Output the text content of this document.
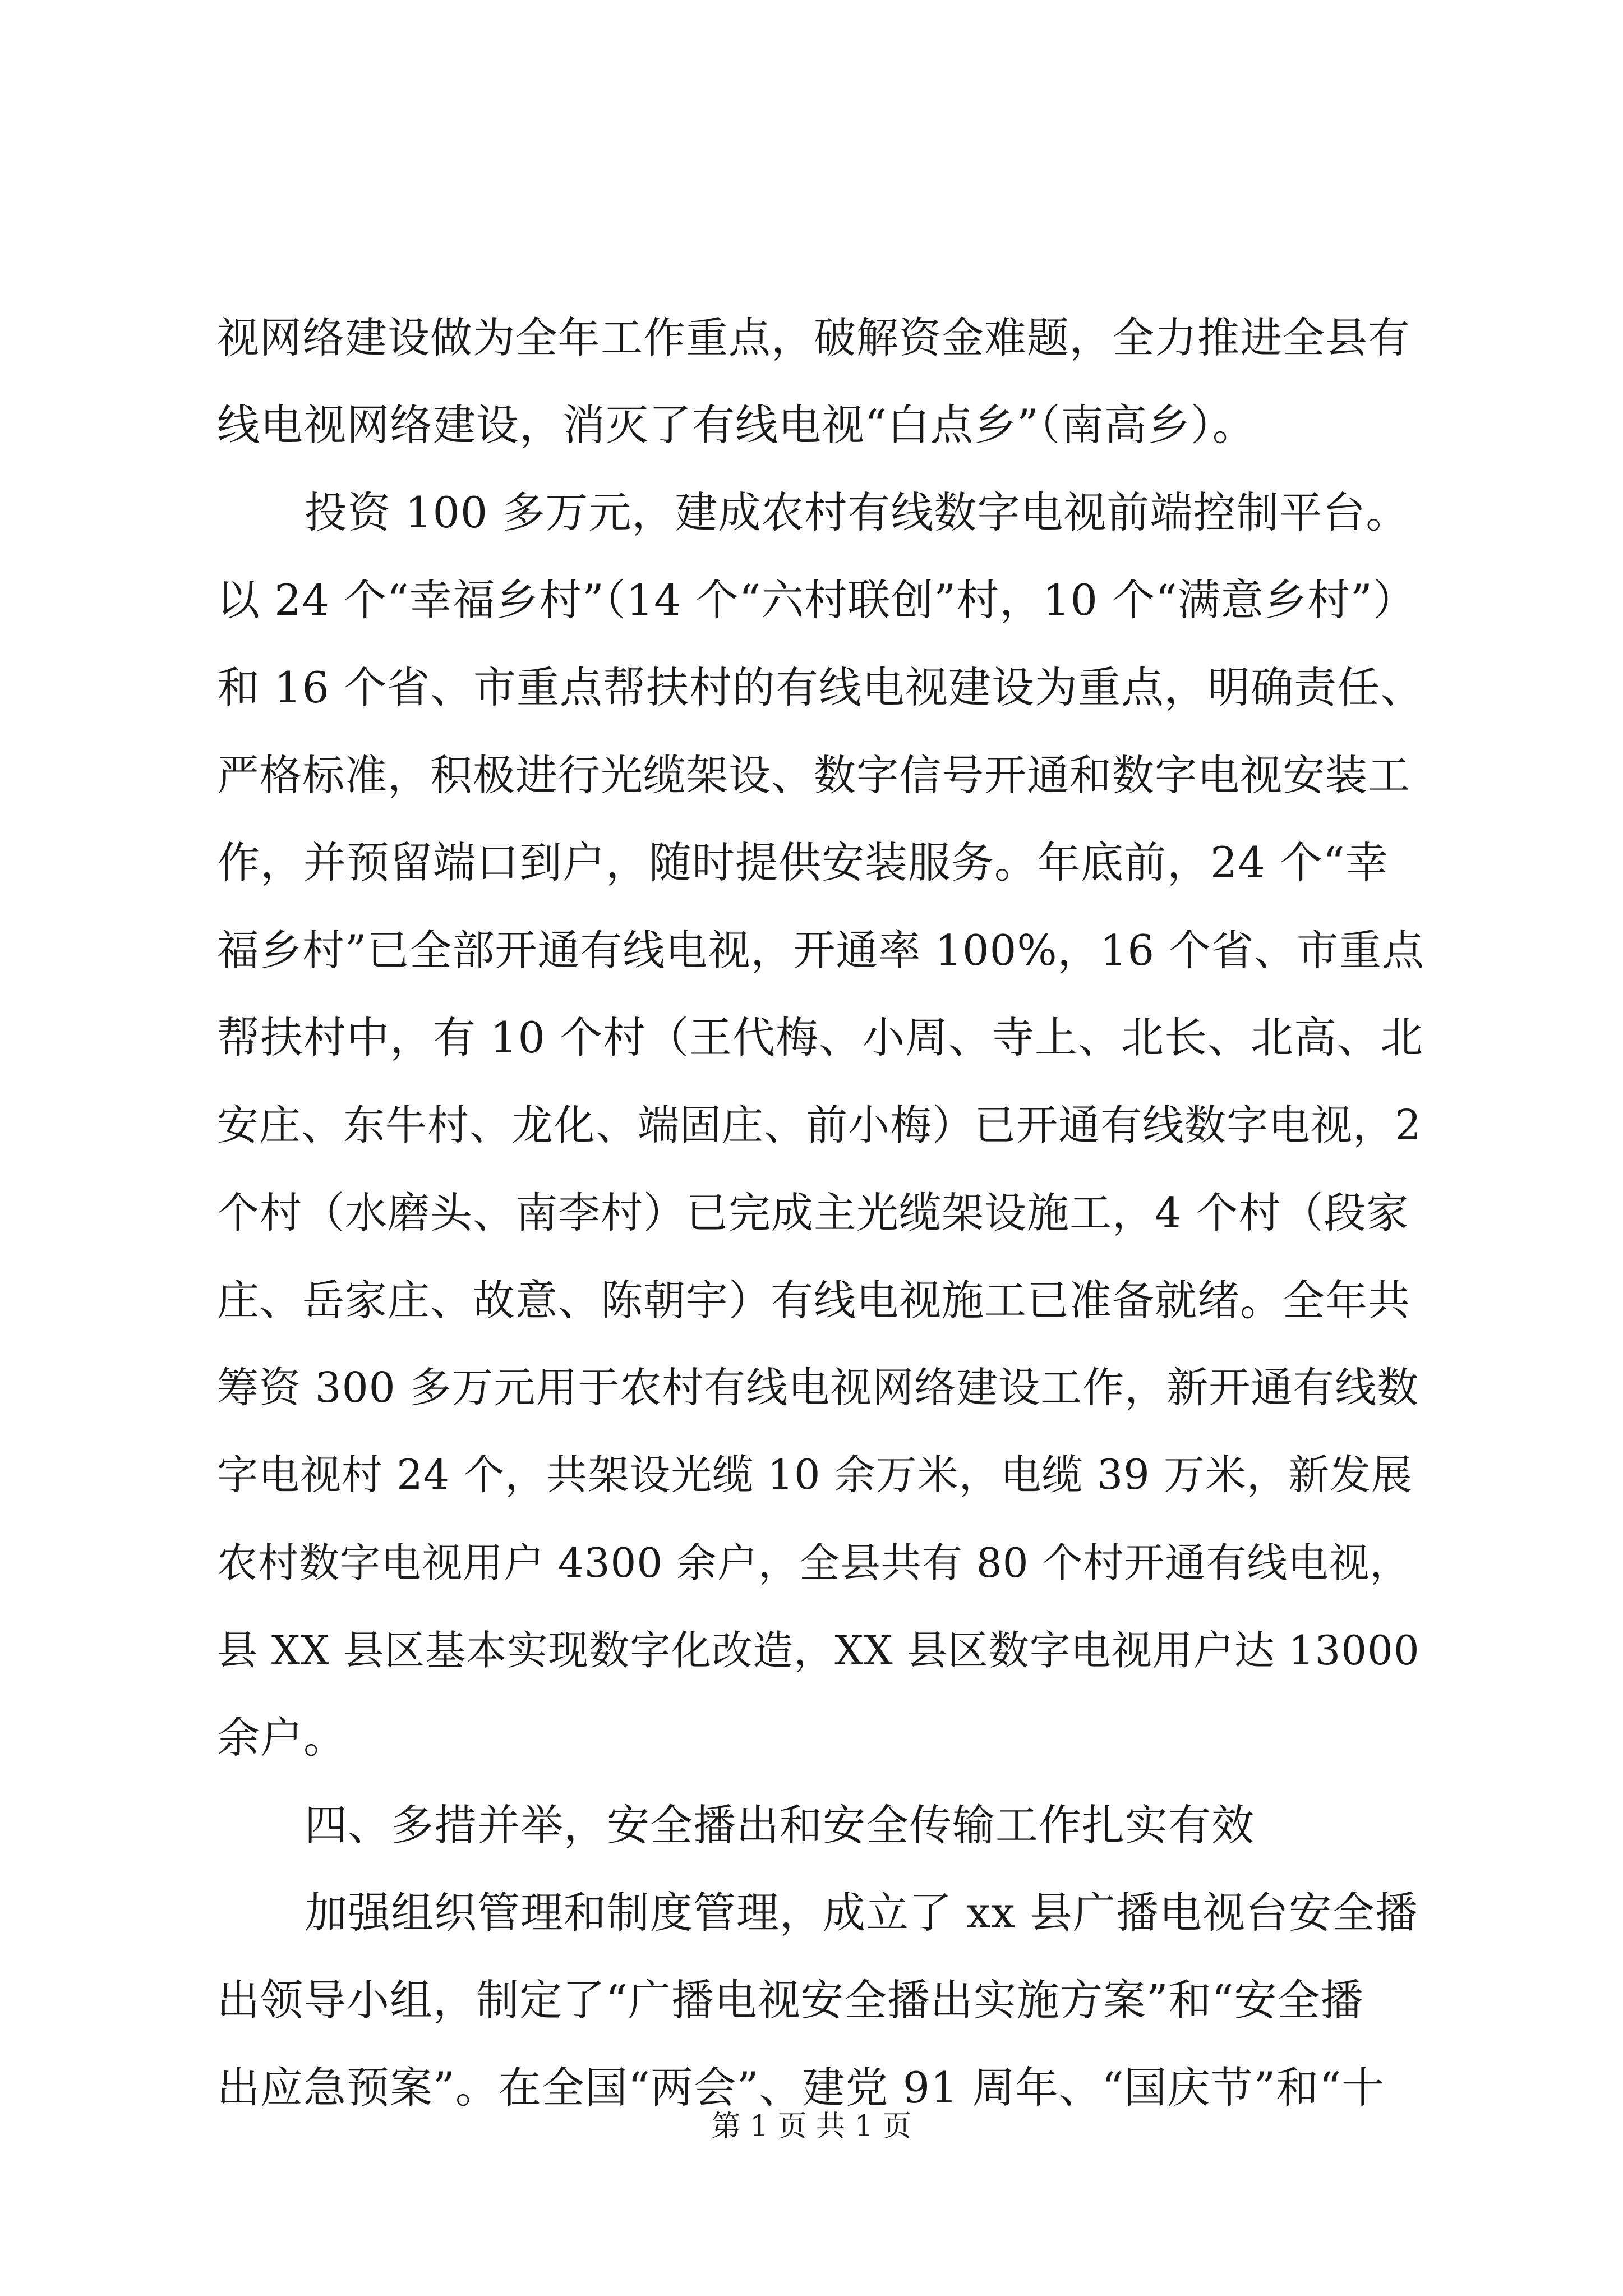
视网络建设做为全年工作重点，破解资金难题，全力推进全县有
线电视网络建设，消灭了有线电视“白点乡”（南高乡）。
投资 100 多万元，建成农村有线数字电视前端控制平台。
以 24 个“幸福乡村”（14 个“六村联创”村，10 个“满意乡村”）
和 16 个省、市重点帮扶村的有线电视建设为重点，明确责任、
严格标准，积极进行光缆架设、数字信号开通和数字电视安装工
作，并预留端口到户，随时提供安装服务。年底前，24 个“幸
福乡村”已全部开通有线电视，开通率 100%，16 个省、市重点
帮扶村中，有 10 个村（王代梅、小周、寺上、北长、北高、北
安庄、东牛村、龙化、端固庄、前小梅）已开通有线数字电视，2
个村（水磨头、南李村）已完成主光缆架设施工，4 个村（段家
庄、岳家庄、故意、陈朝宇）有线电视施工已准备就绪。全年共
筹资 300 多万元用于农村有线电视网络建设工作，新开通有线数
字电视村 24 个，共架设光缆 10 余万米，电缆 39 万米，新发展
农村数字电视用户 4300 余户，全县共有 80 个村开通有线电视，
县 XX 县区基本实现数字化改造，XX 县区数字电视用户达 13000
余户。
四、多措并举，安全播出和安全传输工作扎实有效
加强组织管理和制度管理，成立了 xx 县广播电视台安全播
出领导小组，制定了“广播电视安全播出实施方案”和“安全播
出应急预案”。在全国“两会”、建党 91 周年、“国庆节”和“十
第 1 页 共 1 页
